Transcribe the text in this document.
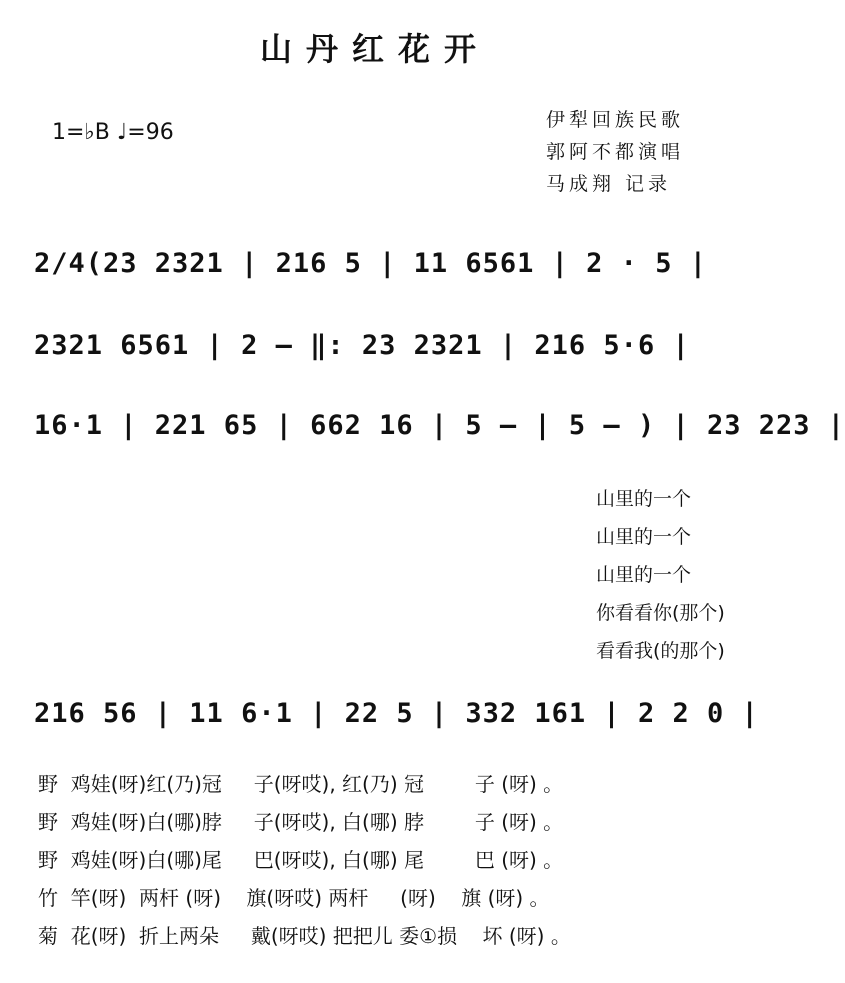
山丹红花开
1=♭B ♩=96	伊犁回族民歌
郭阿不都演唱
马成翔 记录
2/4(23 2321 | 216 5 | 11 6561 | 2 · 5 |
2321 6561 | 2 — ‖: 23 2321 | 216 5·6 |
16·1 | 221 65 | 662 16 | 5 — | 5 — ) | 23 223 |
山里的一个
山里的一个
山里的一个
你看看你(那个)
看看我(的那个)
216 56 | 11 6·1 | 22 5 | 332 161 | 2 2 0 |
野  鸡娃(呀)红(乃)冠     子(呀哎), 红(乃) 冠        子 (呀) 。
野  鸡娃(呀)白(哪)脖     子(呀哎), 白(哪) 脖        子 (呀) 。
野  鸡娃(呀)白(哪)尾     巴(呀哎), 白(哪) 尾        巴 (呀) 。
竹  竿(呀)  两杆 (呀)    旗(呀哎) 两杆     (呀)    旗 (呀) 。
菊  花(呀)  折上两朵     戴(呀哎) 把把儿 委①损    坏 (呀) 。
